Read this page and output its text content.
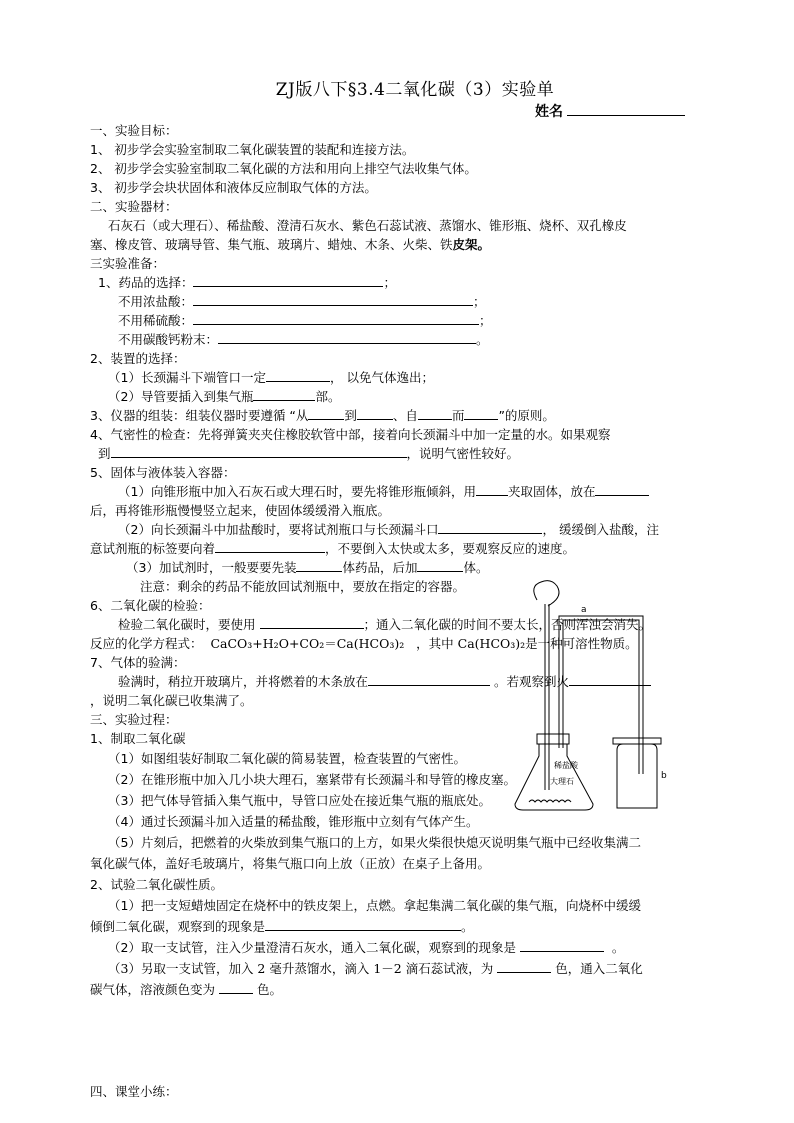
ZJ版八下§3.4二氧化碳（3）实验单
姓名
一、实验目标：
1、 初步学会实验室制取二氧化碳装置的装配和连接方法。
2、 初步学会实验室制取二氧化碳的方法和用向上排空气法收集气体。
3、 初步学会块状固体和液体反应制取气体的方法。
二、实验器材：
石灰石（或大理石）、稀盐酸、澄清石灰水、紫色石蕊试液、蒸馏水、锥形瓶、烧杯、双孔橡皮
塞、橡皮管、玻璃导管、集气瓶、玻璃片、蜡烛、木条、火柴、铁皮架。
三实验准备：
1、药品的选择：	；
不用浓盐酸：	；
不用稀硫酸：	；
不用碳酸钙粉末：	。
2、装置的选择：
（1）长颈漏斗下端管口一定	， 以免气体逸出；
（2）导管要插入到集气瓶	部。
3、仪器的组装：组装仪器时要遵循 “从	到	、自	而	”的原则。
4、气密性的检查：先将弹簧夹夹住橡胶软管中部，接着向长颈漏斗中加一定量的水。如果观察
到	，说明气密性较好。
5、固体与液体装入容器：
（1）向锥形瓶中加入石灰石或大理石时，要先将锥形瓶倾斜，用	夹取固体，放在
后，再将锥形瓶慢慢竖立起来，使固体缓缓滑入瓶底。
（2）向长颈漏斗中加盐酸时，要将试剂瓶口与长颈漏斗口	， 缓缓倒入盐酸，注
意试剂瓶的标签要向着	，不要倒入太快或太多，要观察反应的速度。
（3）加试剂时，一般要要先装	体药品，后加	体。
注意：剩余的药品不能放回试剂瓶中，要放在指定的容器。
6、二氧化碳的检验：
检验二氧化碳时，要使用	；通入二氧化碳的时间不要太长，否则浑浊会消失。
反应的化学方程式： CaCO₃+H₂O+CO₂＝Ca(HCO₃)₂ ，其中 Ca(HCO₃)₂是一种可溶性物质。
7、气体的验满：
验满时，稍拉开玻璃片，并将燃着的木条放在	。若观察到火
，说明二氧化碳已收集满了。
三、实验过程：
1、制取二氧化碳
（1）如图组装好制取二氧化碳的简易装置，检查装置的气密性。
（2）在锥形瓶中加入几小块大理石，塞紧带有长颈漏斗和导管的橡皮塞。
（3）把气体导管插入集气瓶中，导管口应处在接近集气瓶的瓶底处。
（4）通过长颈漏斗加入适量的稀盐酸，锥形瓶中立刻有气体产生。
（5）片刻后，把燃着的火柴放到集气瓶口的上方，如果火柴很快熄灭说明集气瓶中已经收集满二
氧化碳气体，盖好毛玻璃片，将集气瓶口向上放（正放）在桌子上备用。
2、试验二氧化碳性质。
（1）把一支短蜡烛固定在烧杯中的铁皮架上，点燃。拿起集满二氧化碳的集气瓶，向烧杯中缓缓
倾倒二氧化碳，观察到的现象是	。
（2）取一支试管，注入少量澄清石灰水，通入二氧化碳，观察到的现象是	。
（3）另取一支试管，加入 2 毫升蒸馏水，滴入 1－2 滴石蕊试液，为	色，通入二氧化
碳气体，溶液颜色变为	色。
四、课堂小练：
稀盐酸
大理石
a
b
